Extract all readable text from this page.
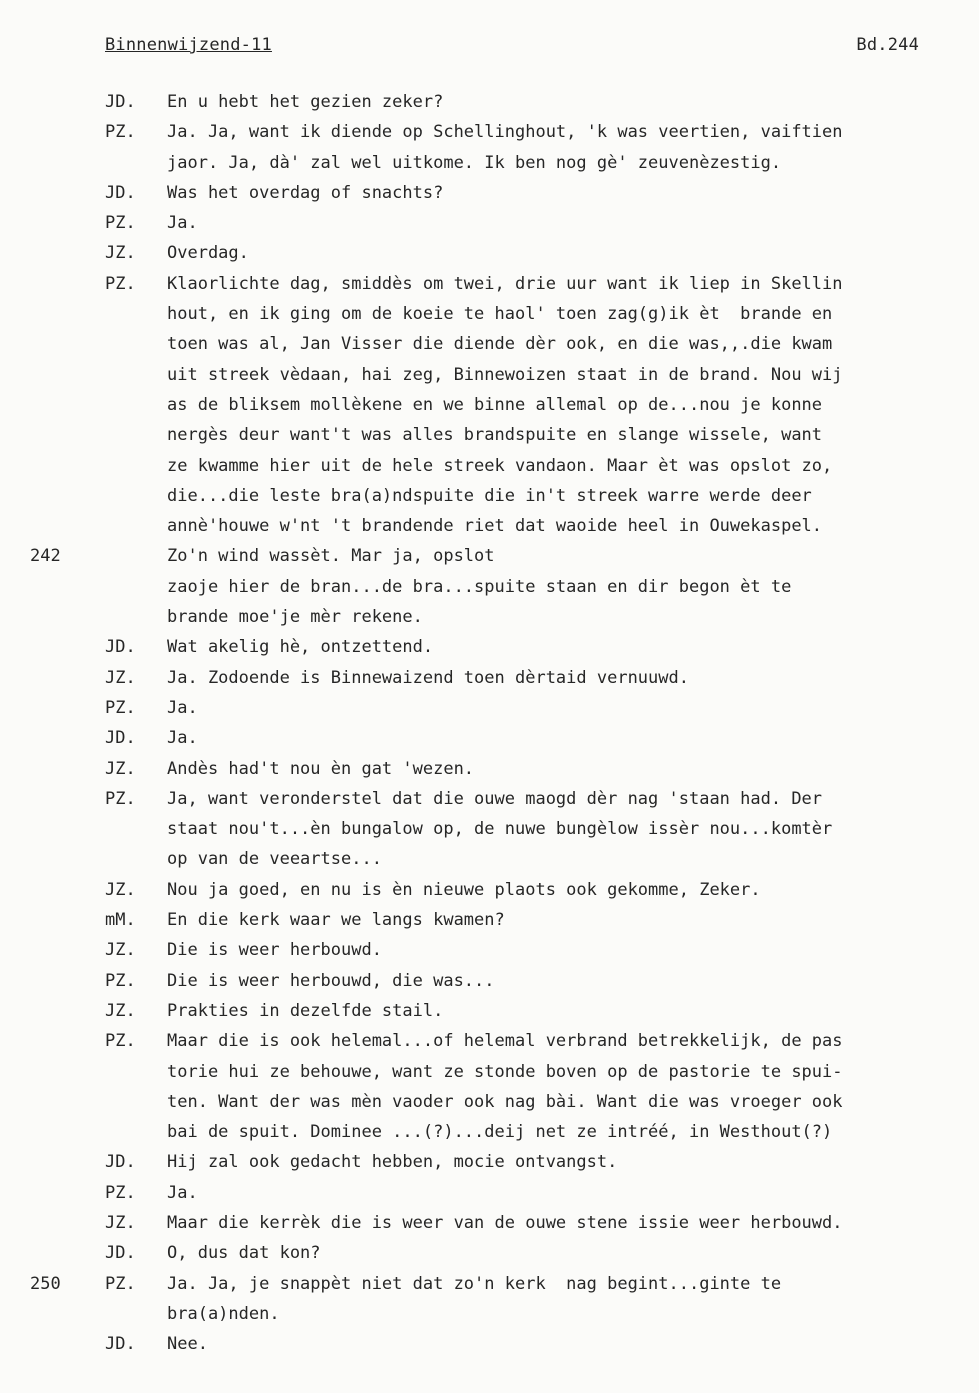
Binnenwijzend-11	Bd.244
JD. En u hebt het gezien zeker?
PZ. Ja. Ja, want ik diende op Schellinghout, 'k was veertien, vaiftien
jaor. Ja, dà' zal wel uitkome. Ik ben nog gè' zeuvenèzestig.
JD. Was het overdag of snachts?
PZ. Ja.
JZ. Overdag.
PZ. Klaorlichte dag, smiddès om twei, drie uur want ik liep in Skellin
hout, en ik ging om de koeie te haol' toen zag(g)ik èt  brande en
toen was al, Jan Visser die diende dèr ook, en die was,,.die kwam
uit streek vèdaan, hai zeg, Binnewoizen staat in de brand. Nou wij
as de bliksem mollèkene en we binne allemal op de...nou je konne
nergès deur want't was alles brandspuite en slange wissele, want
ze kwamme hier uit de hele streek vandaon. Maar èt was opslot zo,
die...die leste bra(a)ndspuite die in't streek warre werde deer
annè'houwe w'nt 't brandende riet dat waoide heel in Ouwekaspel.
242	Zo'n wind wassèt. Mar ja, opslot
zaoje hier de bran...de bra...spuite staan en dir begon èt te
brande moe'je mèr rekene.
JD. Wat akelig hè, ontzettend.
JZ. Ja. Zodoende is Binnewaizend toen dèrtaid vernuuwd.
PZ. Ja.
JD. Ja.
JZ. Andès had't nou èn gat 'wezen.
PZ. Ja, want veronderstel dat die ouwe maogd dèr nag 'staan had. Der
staat nou't...èn bungalow op, de nuwe bungèlow issèr nou...komtèr
op van de veeartse...
JZ. Nou ja goed, en nu is èn nieuwe plaots ook gekomme, Zeker.
mM. En die kerk waar we langs kwamen?
JZ. Die is weer herbouwd.
PZ. Die is weer herbouwd, die was...
JZ. Prakties in dezelfde stail.
PZ. Maar die is ook helemal...of helemal verbrand betrekkelijk, de pas
torie hui ze behouwe, want ze stonde boven op de pastorie te spui-
ten. Want der was mèn vaoder ook nag bài. Want die was vroeger ook
bai de spuit. Dominee ...(?)...deij net ze intréé, in Westhout(?)
JD. Hij zal ook gedacht hebben, mocie ontvangst.
PZ. Ja.
JZ. Maar die kerrèk die is weer van de ouwe stene issie weer herbouwd.
JD. O, dus dat kon?
250	PZ. Ja. Ja, je snappèt niet dat zo'n kerk  nag begint...ginte te
bra(a)nden.
JD. Nee.
